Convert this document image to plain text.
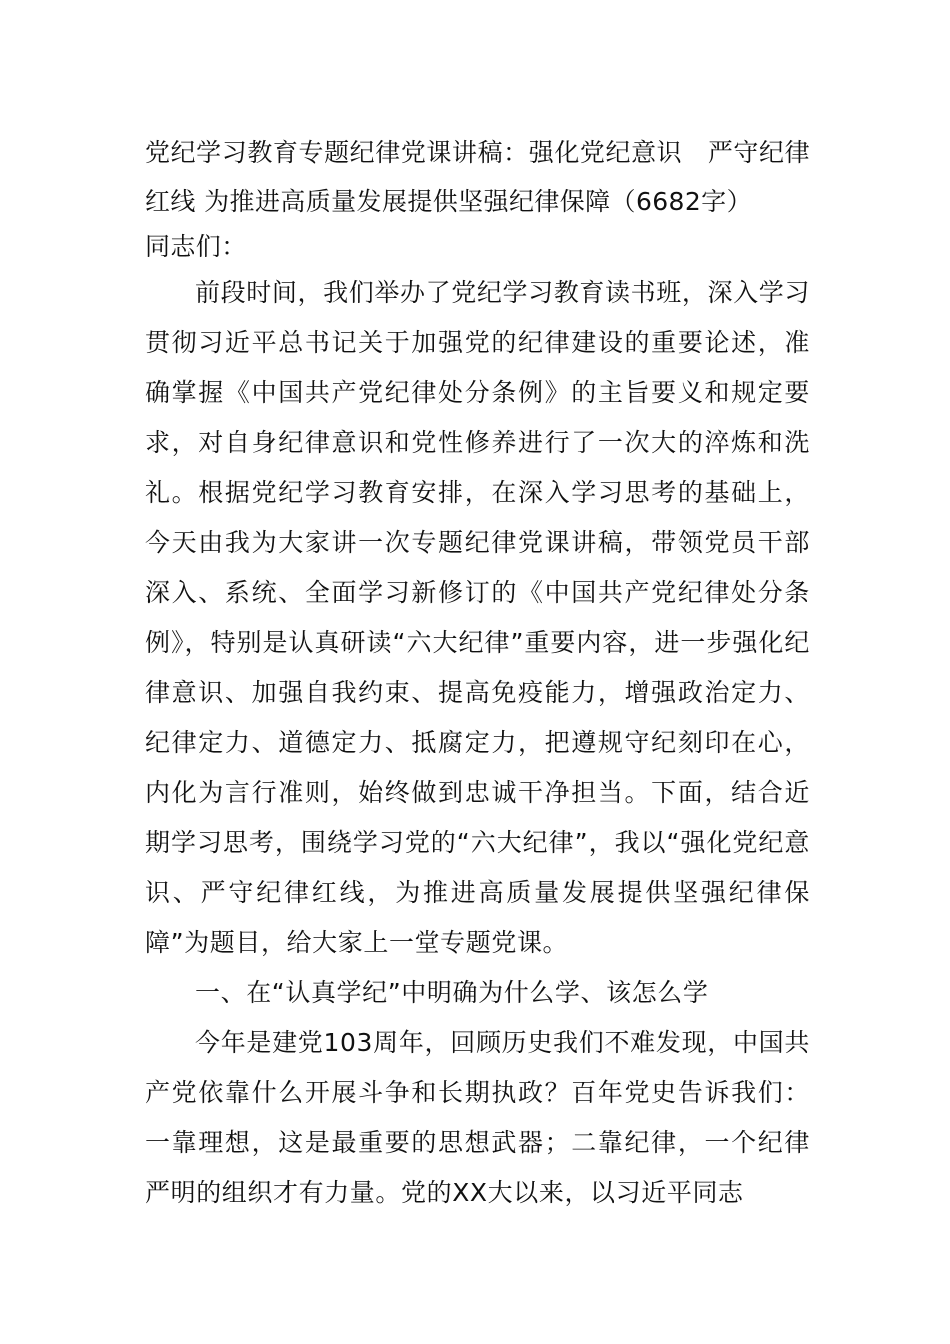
党纪学习教育专题纪律党课讲稿：强化党纪意识　严守纪律红线 为推进高质量发展提供坚强纪律保障（6682字）

同志们：

前段时间，我们举办了党纪学习教育读书班，深入学习贯彻习近平总书记关于加强党的纪律建设的重要论述，准确掌握《中国共产党纪律处分条例》的主旨要义和规定要求，对自身纪律意识和党性修养进行了一次大的淬炼和洗礼。根据党纪学习教育安排，在深入学习思考的基础上，今天由我为大家讲一次专题纪律党课讲稿，带领党员干部深入、系统、全面学习新修订的《中国共产党纪律处分条例》，特别是认真研读“六大纪律”重要内容，进一步强化纪律意识、加强自我约束、提高免疫能力，增强政治定力、纪律定力、道德定力、抵腐定力，把遵规守纪刻印在心，内化为言行准则，始终做到忠诚干净担当。下面，结合近期学习思考，围绕学习党的“六大纪律”，我以“强化党纪意识、严守纪律红线，为推进高质量发展提供坚强纪律保障”为题目，给大家上一堂专题党课。

一、在“认真学纪”中明确为什么学、该怎么学

今年是建党103周年，回顾历史我们不难发现，中国共产党依靠什么开展斗争和长期执政？百年党史告诉我们：一靠理想，这是最重要的思想武器；二靠纪律，一个纪律严明的组织才有力量。党的XX大以来，以习近平同志
